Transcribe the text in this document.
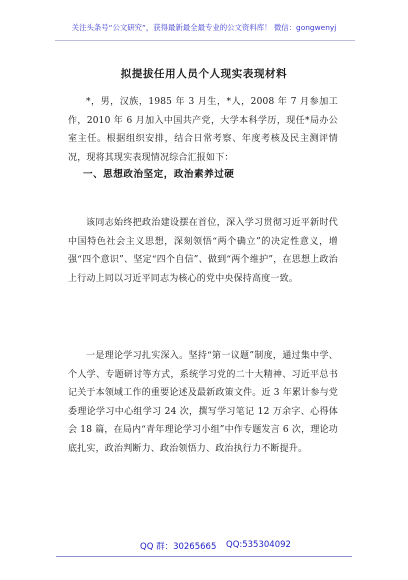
关注头条号“公文研究”，获得最新最全最专业的公文资料库！ 微信：gongwenyj
拟提拔任用人员个人现实表现材料
*，男，汉族，1985 年 3 月生，*人，2008 年 7 月参加工作，2010 年 6 月加入中国共产党，大学本科学历，现任*局办公室主任。根据组织安排，结合日常考察、年度考核及民主测评情况，现将其现实表现情况综合汇报如下：
一、思想政治坚定，政治素养过硬
该同志始终把政治建设摆在首位，深入学习贯彻习近平新时代中国特色社会主义思想，深刻领悟“两个确立”的决定性意义，增强“四个意识”、坚定“四个自信”、做到“两个维护”，在思想上政治上行动上同以习近平同志为核心的党中央保持高度一致。
一是理论学习扎实深入。坚持“第一议题”制度，通过集中学、个人学、专题研讨等方式，系统学习党的二十大精神、习近平总书记关于本领域工作的重要论述及最新政策文件。近 3 年累计参与党委理论学习中心组学习 24 次，撰写学习笔记 12 万余字、心得体会 18 篇，在局内“青年理论学习小组”中作专题发言 6 次，理论功底扎实，政治判断力、政治领悟力、政治执行力不断提升。
QQ 群：30265665 QQ:535304092
